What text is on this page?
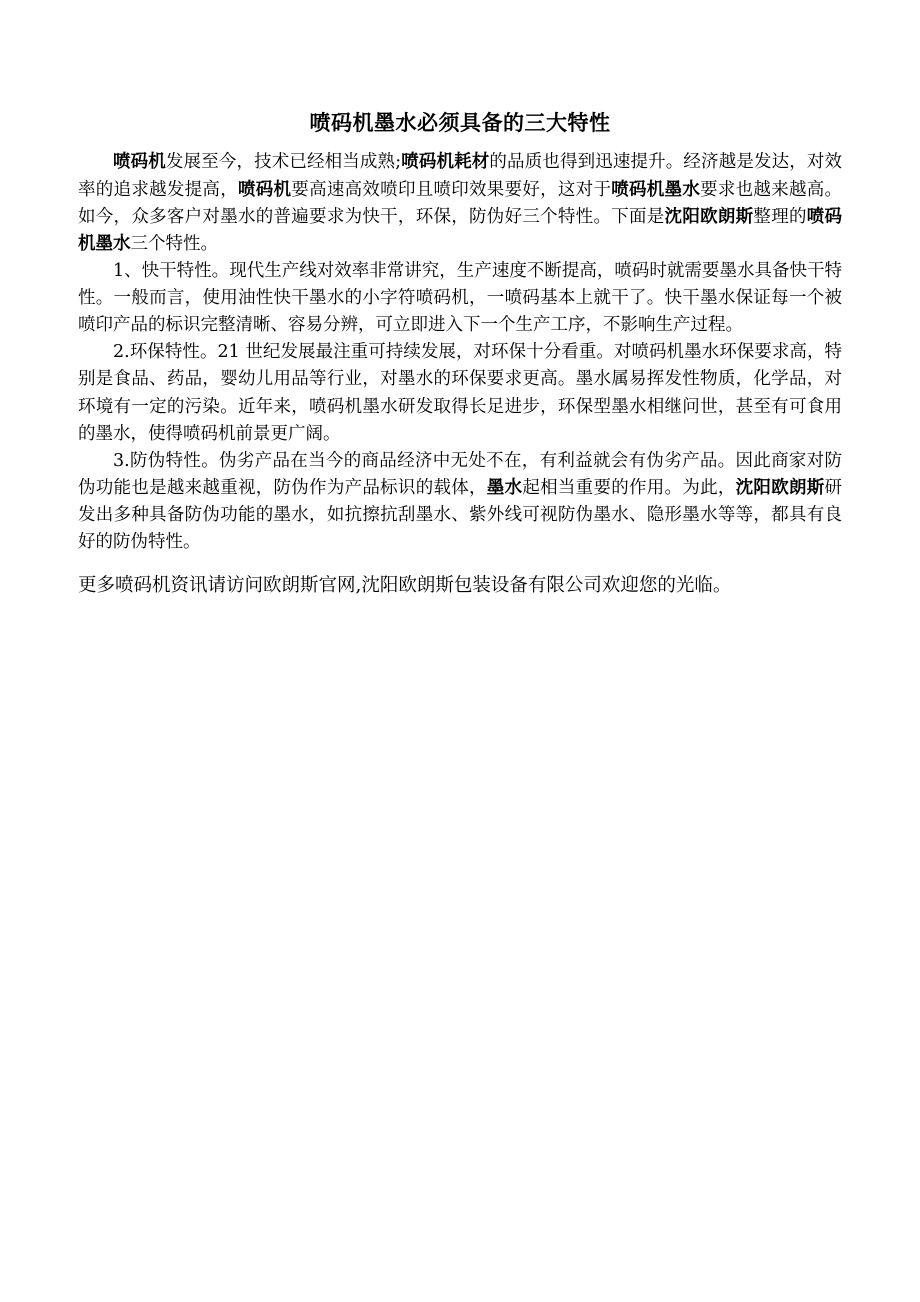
喷码机墨水必须具备的三大特性

喷码机发展至今，技术已经相当成熟;喷码机耗材的品质也得到迅速提升。经济越是发达，对效率的追求越发提高，喷码机要高速高效喷印且喷印效果要好，这对于喷码机墨水要求也越来越高。如今，众多客户对墨水的普遍要求为快干，环保，防伪好三个特性。下面是沈阳欧朗斯整理的喷码机墨水三个特性。

1、快干特性。现代生产线对效率非常讲究，生产速度不断提高，喷码时就需要墨水具备快干特性。一般而言，使用油性快干墨水的小字符喷码机，一喷码基本上就干了。快干墨水保证每一个被喷印产品的标识完整清晰、容易分辨，可立即进入下一个生产工序，不影响生产过程。

2.环保特性。21 世纪发展最注重可持续发展，对环保十分看重。对喷码机墨水环保要求高，特别是食品、药品，婴幼儿用品等行业，对墨水的环保要求更高。墨水属易挥发性物质，化学品，对环境有一定的污染。近年来，喷码机墨水研发取得长足进步，环保型墨水相继问世，甚至有可食用的墨水，使得喷码机前景更广阔。

3.防伪特性。伪劣产品在当今的商品经济中无处不在，有利益就会有伪劣产品。因此商家对防伪功能也是越来越重视，防伪作为产品标识的载体，墨水起相当重要的作用。为此，沈阳欧朗斯研发出多种具备防伪功能的墨水，如抗擦抗刮墨水、紫外线可视防伪墨水、隐形墨水等等，都具有良好的防伪特性。

更多喷码机资讯请访问欧朗斯官网,沈阳欧朗斯包装设备有限公司欢迎您的光临。
